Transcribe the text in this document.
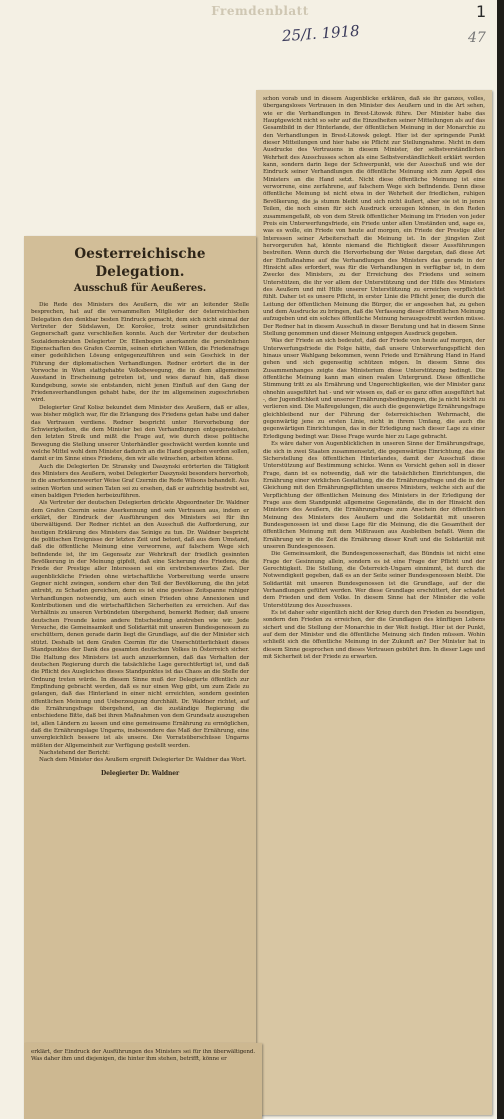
Fremdenblatt
25/I. 1918
1
47

schon vorab und in diesem Augenblicke erklären, daß sie ihr ganzes, volles, übergangsloses Vertrauen in den Minister des Aeußern und in die Art sehen, wie er die Verhandlungen in Brest-Litowsk führe. Der Minister habe das Hauptgewicht nicht so sehr auf die Einzelheiten seiner Mitteilungen als auf das Gesamtbild in der Hinterlande, der öffentlichen Meinung in der Monarchie zu den Verhandlungen in Brest-Litowsk gelegt. Hier ist der springende Punkt dieser Mitteilungen und hier habe sie Pflicht zur Stellungnahme. Nicht in dem Ausdrucke des Vertrauens in diesem Minister, der selbstverständlichen Wehrheit des Ausschusses schon als eine Selbstverständlichkeit erklärt werden kann, sondern darin liege der Schwerpunkt, wie der Ausschuß und wie der Eindruck seiner Verhandlungen die öffentliche Meinung sich zum Appell des Ministers an die Hand setzt. Nicht diese öffentliche Meinung ist eine verworrene, eine zerfahrene, auf falschem Wege sich befindende. Denn diese öffentliche Meinung ist nicht etwa in der Wehrheit der friedlichen, ruhigen Bevölkerung, die ja stumm bleibt und sich nicht äußert, aber sie ist in jenen Teilen, die noch einen für sich Ausdruck erzeugen können, in den Reden zusammengefaßt, ob von dem Streik öffentlicher Meinung im Frieden von jeder Preis ein Unterwerfungsfriede, ein Friede unter allen Umständen und, sage es, was es wolle, ein Friede von heute auf morgen, ein Friede der Prestige aller Interessen seiner Arbeiterschaft die Meinung ist. In der jüngsten Zeit hervorgerufen hat, könnte niemand die Richtigkeit dieser Aussführungen bestreiten. Wenn durch die Hervorhebung der Weise dargetan, daß diese Art der Einflußnahme auf die Verhandlungen des Ministers das gerade in der Hinsicht alles erfordert, was für die Verhandlungen in verfügbar ist, in dem Zwecke des Ministers, zu der Erreichung des Friedens und seinem Unterstützen, die ihr vor allem der Unterstützung und der Hilfe des Ministers des Aeußern und mit Hilfe unserer Unterstützung zu erreichen verpflichtet fühlt. Daher ist es unsere Pflicht, in erster Linie die Pflicht jener, die durch die Leitung der öffentlichen Meinung die Bürger, die er angesehen hat, zu gehen und dem Ausdrucke zu bringen, daß die Verfassung dieser öffentlichen Meinung aufzugeben und ein solches öffentliche Meinung herausgestrebt werden müsse. Der Redner hat in diesem Ausschuß in dieser Beratung und hat in diesem Sinne Stellung genommen und dieser Meinung entgegen Ausdruck gegeben.

Was der Friede an sich bedeutet, daß der Friede von heute auf morgen, der Unterwerfungsfriede die Folge hätte, daß unsere Unterwerfungspflicht den hinaus unser Wahlgang bekommen, wenn Friede und Ernährung Hand in Hand gehen und sich gegenseitig schützen mögen. In diesem Sinne des Zusammenhanges zeigte das Ministerium diese Unterstützung bedingt. Die öffentliche Meinung kann man einen realen Untergrund. Diese öffentliche Stimmung tritt zu als Ernährung und Ungerechtigkeiten, wie der Minister ganz ohnehin ausgeführt hat - und wir wissen es, daß er es ganz offen ausgeführt hat -, der Jugendlichkeit und unserer Ernährungsbedingungen, die ja nicht leicht zu verlieren sind. Die Maßregelungen, die auch die gegenwärtige Ernährungsfrage gleichbleibend nur der Führung der österreichischen Wehrmacht, die gegenwärtig jene zu ersten Linie, nicht in ihrem Umfang, die auch die gegenwärtigen Einrichtungen, das in der Erledigung nach dieser Lage zu einer Erledigung bedingt war. Diese Frage wurde hier zu Lage gebracht.

Es wäre daher von Augenblicklichen in unseren Sinne der Ernährungsfrage, die sich in zwei Staaten zusammensetzt, die gegenwärtige Einrichtung, das die Sicherstellung des öffentlichen Hinterlandes, damit der Ausschuß diese Unterstützung auf Bestimmung schicke. Wenn es Vorsicht gehen soll in dieser Frage, dann ist es notwendig, daß wir die tatsächlichen Einrichtungen, die Ernährung einer wirklichen Gestaltung, die die Ernährungsfrage und die in der Gleichung mit den Ernährungspflichten unseres Ministers, welche sich auf die Verpflichtung der öffentlichen Meinung des Ministers in der Erledigung der Frage aus dem Standpunkt allgemeine Gegenstände, die in der Hinsicht den Ministers des Aeußern, die Ernährungsfrage zum Anschein der öffentlichen Meinung des Ministers des Aeußern und die Solidarität mit unseren Bundesgenossen ist und diese Lage für die Meinung, die die Gesamtheit der öffentlichen Meinung mit dem Mißtrauen aus Ausbleiben befaßt. Wenn die Ernährung wir in die Zeit die Ernährung dieser Kraft und die Solidarität mit unseren Bundesgenossen.

Die Gemeinsamkeit, die Bundesgenossenschaft, das Bündnis ist nicht eine Frage der Gesinnung allein, sondern es ist eine Frage der Pflicht und der Gerechtigkeit. Die Stellung, die Österreich-Ungarn einnimmt, ist durch die Notwendigkeit gegeben, daß es an der Seite seiner Bundesgenossen bleibt. Die Solidarität mit unseren Bundesgenossen ist die Grundlage, auf der die Verhandlungen geführt werden. Wer diese Grundlage erschüttert, der schadet dem Frieden und dem Volke. In diesem Sinne hat der Minister die volle Unterstützung des Ausschusses.

Es ist daher sehr eigentlich nicht der Krieg durch den Frieden zu beendigen, sondern den Frieden zu erreichen, der die Grundlagen des künftigen Lebens sichert und die Stellung der Monarchie in der Welt festigt. Hier ist der Punkt, auf dem der Minister und die öffentliche Meinung sich finden müssen. Wohin schließt sich die öffentliche Meinung in der Zukunft an? Der Minister hat in diesem Sinne gesprochen und dieses Vertrauen gebührt ihm. In dieser Lage und mit Sicherheit ist der Friede zu erwarten.

Oesterreichische Delegation.
Ausschuß für Aeußeres.

Die Rede des Ministers des Aeußern, die wir an leitender Stelle besprechen, hat auf die versammelten Mitglieder der österreichischen Delegation den denkbar besten Eindruck gemacht, dem sich nicht einmal der Vertreter der Südslawen, Dr. Korošec, trotz seiner grundsätzlichen Gegnerschaft ganz verschließen konnte. Auch der Vertreter der deutschen Sozialdemokraten Delegierter Dr. Ellenbogen anerkannte die persönlichen Eigenschaften des Grafen Czernin, seinen ehrlichen Willen, die Friedensfrage einer gedeihlichen Lösung entgegenzuführen und sein Geschick in der Führung der diplomatischen Verhandlungen. Redner erörtert die in der Vorwoche in Wien stattgehabte Volksbewegung, die in dem allgemeinen Ausstand in Erscheinung getreten ist, und wies darauf hin, daß diese Kundgebung, sowie sie entstanden, nicht jenen Einfluß auf den Gang der Friedensverhandlungen gehabt habe, der ihr im allgemeinen zugeschrieben wird.

Delegierter Graf Kolisz bekundet dem Minister des Aeußern, daß er alles, was bisher möglich war, für die Erlangung des Friedens getan habe und daher das Vertrauen verdiene. Redner bespricht unter Hervorhebung der Schwierigkeiten, die dem Minister bei den Verhandlungen entgegenstehen, den letzten Streik und mißt die Frage auf, wie durch diese politische Bewegung die Stellung unserer Unterhändler geschwächt werden konnte und welche Mittel wohl dem Minister dadurch an die Hand gegeben werden sollen, damit er im Sinne eines Friedens, den wir alle wünschen, arbeiten könne.

Auch die Delegierten Dr. Stransky und Daszynski erörterten die Tätigkeit des Ministers des Aeußern, wobei Delegierter Daszynski besonders hervorhob, in die anerkennenswerter Weise Graf Czernin die Rede Wilsons behandelt. Aus seinen Worten und seinen Taten sei zu ersehen, daß er aufrichtig bestrebt sei, einen baldigen Frieden herbeizuführen.

Als Vertreter der deutschen Delegierten drückte Abgeordneter Dr. Waldner dem Grafen Czernin seine Anerkennung und sein Vertrauen aus, indem er erklärt, der Eindruck der Ausführungen des Ministers sei für ihn überwältigend. Der Redner richtet an den Ausschuß die Aufforderung, zur heutigen Erklärung des Ministers das Seinige zu tun. Dr. Waldner bespricht die politischen Ereignisse der letzten Zeit und betont, daß aus dem Umstand, daß die öffentliche Meinung eine verworrene, auf falschem Wege sich befindende ist, ihr im Gegensatz zur Wehrkraft der friedlich gesinnten Bevölkerung in der Meinung gipfelt, daß eine Sicherung des Friedens, die Friede der Prestige aller Interessen sei ein erstrebenswertes Ziel. Der augenblickliche Frieden ohne wirtschaftliche Vorbereitung werde unsere Gegner nicht zwingen, sondern eher den Teil der Bevölkerung, die ihn jetzt antrebt, zu Schaden gereichen, denn es ist eine gewisse Zeitspanne ruhiger Verhandlungen notwendig, um auch einen Frieden ohne Annexionen und Kontributionen und die wirtschaftlichen Sicherheiten zu erreichen. Auf das Verhältnis zu unseren Verbündeten übergehend, bemerkt Redner, daß unsere deutschen Freunde keine andere Entscheidung anstreben wie wir. Jede Versuche, die Gemeinsamkeit und Solidarität mit unseren Bundesgenossen zu erschüttern, denen gerade darin liegt die Grundlage, auf die der Minister sich stützt. Deshalb ist dem Grafen Czernin für die Unerschütterlichkeit dieses Standpunktes der Dank des gesamten deutschen Volkes in Österreich sicher. Die Haltung des Ministers ist auch anzuerkennen, daß das Verhalten der deutschen Regierung durch die tatsächliche Lage gerechtfertigt ist, und daß die Pflicht des Ausgleiches dieses Standpunktes ist das Chaos an die Stelle der Ordnung treten würde. In diesem Sinne muß der Delegierte öffentlich zur Empfindung gebracht werden, daß es nur einen Weg gibt, um zum Ziele zu gelangen, daß das Hinterland in einer nicht erreichten, sondern geeinten öffentlichen Meinung und Ueberzeugung durchhält. Dr. Waldner richtet, auf die Ernährungsfrage übergehend, an die zuständige Regierung die entschiedene Bitte, daß bei ihren Maßnahmen von dem Grundsatz auszugehen ist, allen Ländern zu lassen und eine gemeinsame Ernährung zu ermöglichen, daß die Ernährungslage Ungarns, insbesondere das Maß der Ernährung, eine unvergleichlich bessere ist als unsere. Die Vorratsüberschüsse Ungarns müßten der Allgemeinheit zur Verfügung gestellt werden.

Nachstehend der Bericht:

Nach dem Minister des Aeußern ergreift Delegierter Dr. Waldner das Wort.

Delegierter Dr. Waldner

erklärt, der Eindruck der Ausführungen des Ministers sei für ihn überwältigend. Was daher ihm und diejenigen, die hinter ihm stehen, betrifft, könne er
